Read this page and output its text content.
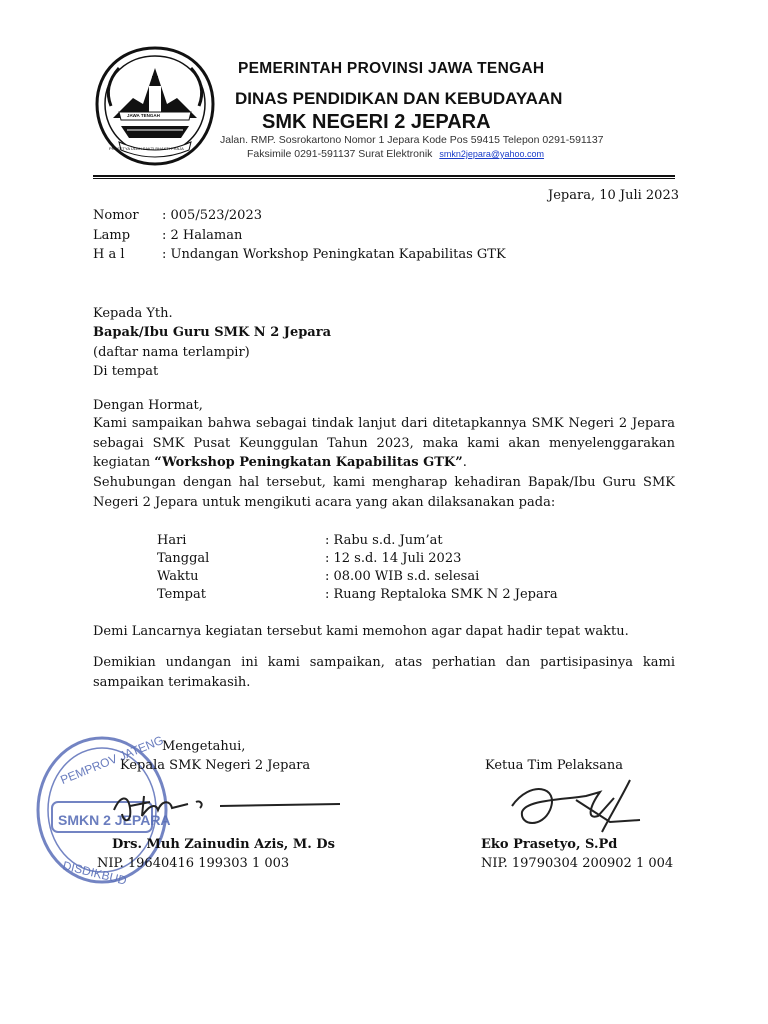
JAWA TENGAH
PRASETYA ULAH SAKTI BHAKTI PRAJA
PEMERINTAH PROVINSI JAWA TENGAH
DINAS PENDIDIKAN DAN KEBUDAYAAN
SMK NEGERI 2 JEPARA
Jalan. RMP. Sosrokartono Nomor 1 Jepara Kode Pos 59415 Telepon 0291-591137
Faksimile 0291-591137 Surat Elektronik smkn2jepara@yahoo.com
Jepara, 10 Juli 2023
Nomor : 005/523/2023
Lamp : 2 Halaman
H a l	: Undangan Workshop Peningkatan Kapabilitas GTK
Kepada Yth.
Bapak/Ibu Guru SMK N 2 Jepara
(daftar nama terlampir)
Di tempat
Dengan Hormat,
Kami sampaikan bahwa sebagai tindak lanjut dari ditetapkannya SMK Negeri 2 Jepara sebagai SMK Pusat Keunggulan Tahun 2023, maka kami akan menyelenggarakan kegiatan “Workshop Peningkatan Kapabilitas GTK”.
Sehubungan dengan hal tersebut, kami mengharap kehadiran Bapak/Ibu Guru SMK Negeri 2 Jepara untuk mengikuti acara yang akan dilaksanakan pada:
Hari	: Rabu s.d. Jum’at
Tanggal	: 12 s.d. 14 Juli 2023
Waktu	: 08.00 WIB s.d. selesai
Tempat	: Ruang Reptaloka SMK N 2 Jepara
Demi Lancarnya kegiatan tersebut kami memohon agar dapat hadir tepat waktu.
Demikian undangan ini kami sampaikan, atas perhatian dan partisipasinya kami sampaikan terimakasih.
PEMPROV JATENG
SMKN 2 JEPARA
DISDIKBUD
Mengetahui,
Kepala SMK Negeri 2 Jepara
Drs. Muh Zainudin Azis, M. Ds
NIP. 19640416 199303 1 003
Ketua Tim Pelaksana
Eko Prasetyo, S.Pd
NIP. 19790304 200902 1 004
